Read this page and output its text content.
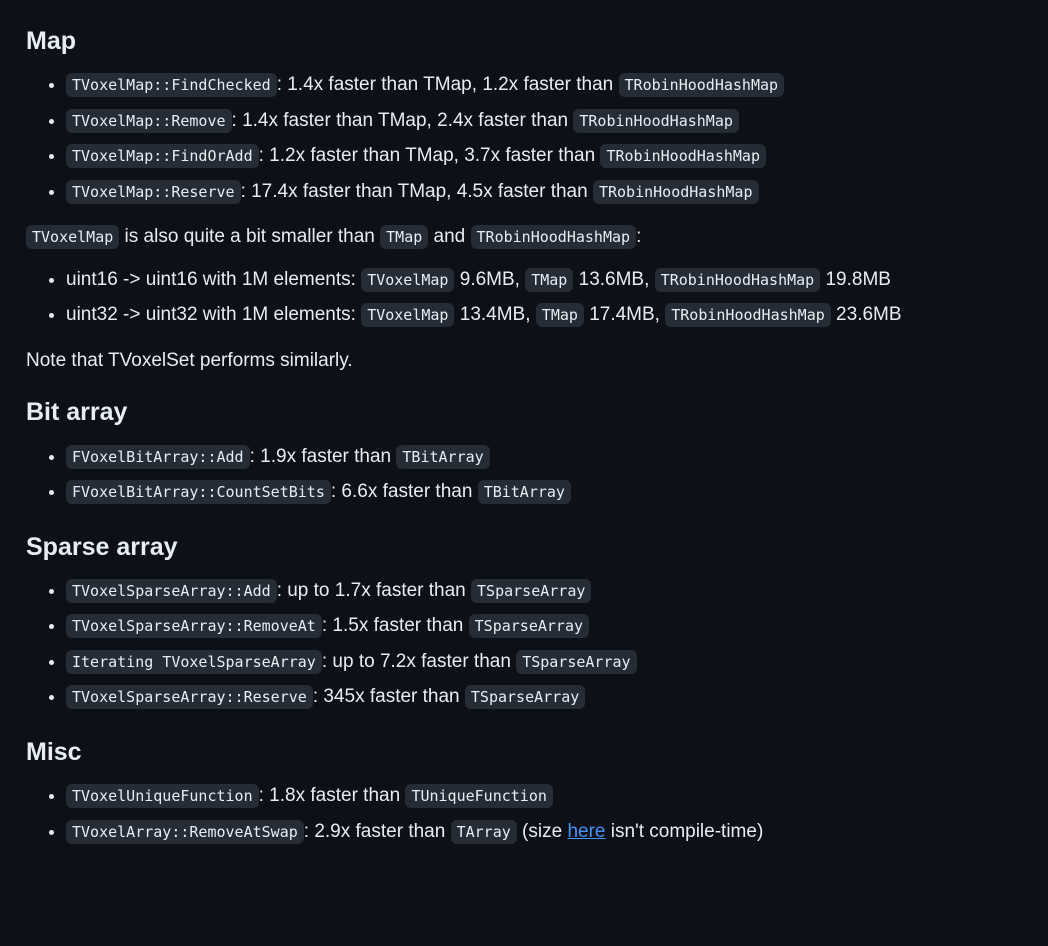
Map
• TVoxelMap::FindChecked : 1.4x faster than TMap, 1.2x faster than TRobinHoodHashMap
• TVoxelMap::Remove : 1.4x faster than TMap, 2.4x faster than TRobinHoodHashMap
• TVoxelMap::FindOrAdd : 1.2x faster than TMap, 3.7x faster than TRobinHoodHashMap
• TVoxelMap::Reserve : 17.4x faster than TMap, 4.5x faster than TRobinHoodHashMap

TVoxelMap is also quite a bit smaller than TMap and TRobinHoodHashMap :

• uint16 -> uint16 with 1M elements: TVoxelMap 9.6MB, TMap 13.6MB, TRobinHoodHashMap 19.8MB
• uint32 -> uint32 with 1M elements: TVoxelMap 13.4MB, TMap 17.4MB, TRobinHoodHashMap 23.6MB

Note that TVoxelSet performs similarly.

Bit array
• FVoxelBitArray::Add : 1.9x faster than TBitArray
• FVoxelBitArray::CountSetBits : 6.6x faster than TBitArray
Sparse array
• TVoxelSparseArray::Add : up to 1.7x faster than TSparseArray
• TVoxelSparseArray::RemoveAt : 1.5x faster than TSparseArray
• Iterating TVoxelSparseArray : up to 7.2x faster than TSparseArray
• TVoxelSparseArray::Reserve : 345x faster than TSparseArray
Misc
• TVoxelUniqueFunction : 1.8x faster than TUniqueFunction
• TVoxelArray::RemoveAtSwap : 2.9x faster than TArray (size here isn't compile-time)
